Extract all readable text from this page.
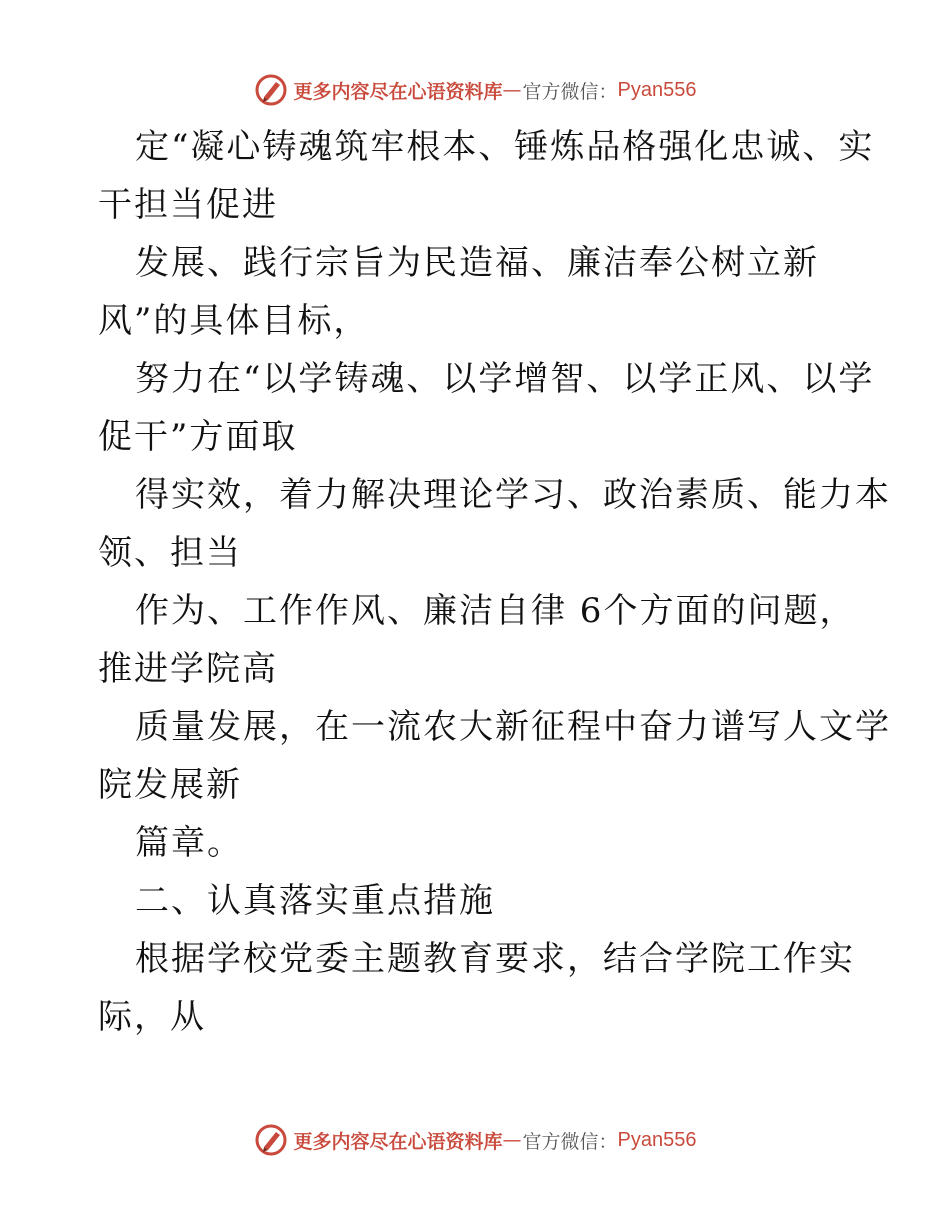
更多内容尽在心语资料库 — 官方微信： Pyan556
定“凝心铸魂筑牢根本、锤炼品格强化忠诚、实
干担当促进
发展、践行宗旨为民造福、廉洁奉公树立新
风”的具体目标，
努力在“以学铸魂、以学增智、以学正风、以学
促干”方面取
得实效，着力解决理论学习、政治素质、能力本
领、担当
作为、工作作风、廉洁自律 6个方面的问题，
推进学院高
质量发展，在一流农大新征程中奋力谱写人文学
院发展新
篇章。
二、认真落实重点措施
根据学校党委主题教育要求，结合学院工作实
际，从
更多内容尽在心语资料库 — 官方微信： Pyan556
